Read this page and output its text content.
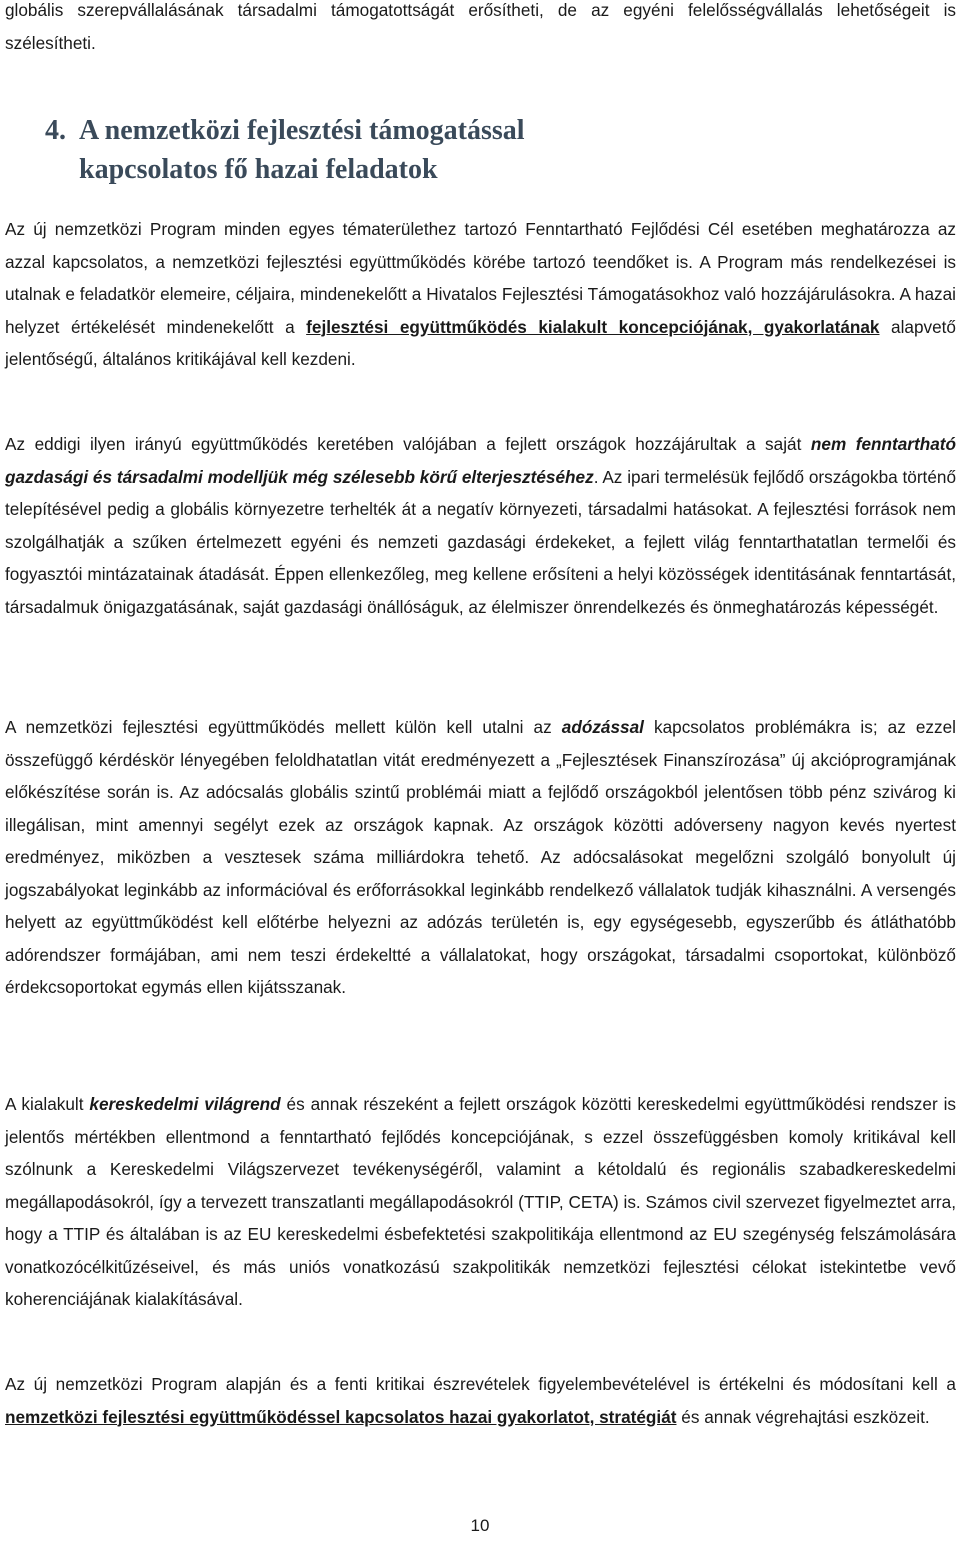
globális szerepvállalásának társadalmi támogatottságát erősítheti, de az egyéni felelősségvállalás lehetőségeit is szélesítheti.

4. A nemzetközi fejlesztési támogatással
kapcsolatos fő hazai feladatok

Az új nemzetközi Program minden egyes tématerülethez tartozó Fenntartható Fejlődési Cél esetében meghatározza az azzal kapcsolatos, a nemzetközi fejlesztési együttműködés körébe tartozó teendőket is. A Program más rendelkezései is utalnak e feladatkör elemeire, céljaira, mindenekelőtt a Hivatalos Fejlesztési Támogatásokhoz való hozzájárulásokra. A hazai helyzet értékelését mindenekelőtt a fejlesztési együttműködés kialakult koncepciójának, gyakorlatának alapvető jelentőségű, általános kritikájával kell kezdeni.

Az eddigi ilyen irányú együttműködés keretében valójában a fejlett országok hozzájárultak a saját nem fenntartható gazdasági és társadalmi modelljük még szélesebb körű elterjesztéséhez. Az ipari termelésük fejlődő országokba történő telepítésével pedig a globális környezetre terhelték át a negatív környezeti, társadalmi hatásokat. A fejlesztési források nem szolgálhatják a szűken értelmezett egyéni és nemzeti gazdasági érdekeket, a fejlett világ fenntarthatatlan termelői és fogyasztói mintázatainak átadását. Éppen ellenkezőleg, meg kellene erősíteni a helyi közösségek identitásának fenntartását, társadalmuk önigazgatásának, saját gazdasági önállóságuk, az élelmiszer önrendelkezés és önmeghatározás képességét.

A nemzetközi fejlesztési együttműködés mellett külön kell utalni az adózással kapcsolatos problémákra is; az ezzel összefüggő kérdéskör lényegében feloldhatatlan vitát eredményezett a „Fejlesztések Finanszírozása” új akcióprogramjának előkészítése során is. Az adócsalás globális szintű problémái miatt a fejlődő országokból jelentősen több pénz szivárog ki illegálisan, mint amennyi segélyt ezek az országok kapnak. Az országok közötti adóverseny nagyon kevés nyertest eredményez, miközben a vesztesek száma milliárdokra tehető. Az adócsalásokat megelőzni szolgáló bonyolult új jogszabályokat leginkább az információval és erőforrásokkal leginkább rendelkező vállalatok tudják kihasználni. A versengés helyett az együttműködést kell előtérbe helyezni az adózás területén is, egy egységesebb, egyszerűbb és átláthatóbb adórendszer formájában, ami nem teszi érdekeltté a vállalatokat, hogy országokat, társadalmi csoportokat, különböző érdekcsoportokat egymás ellen kijátsszanak.

A kialakult kereskedelmi világrend és annak részeként a fejlett országok közötti kereskedelmi együttműködési rendszer is jelentős mértékben ellentmond a fenntartható fejlődés koncepciójának, s ezzel összefüggésben komoly kritikával kell szólnunk a Kereskedelmi Világszervezet tevékenységéről, valamint a kétoldalú és regionális szabadkereskedelmi megállapodásokról, így a tervezett transzatlanti megállapodásokról (TTIP, CETA) is. Számos civil szervezet figyelmeztet arra, hogy a TTIP és általában is az EU kereskedelmi ésbefektetési szakpolitikája ellentmond az EU szegénység felszámolására vonatkozócélkitűzéseivel, és más uniós vonatkozású szakpolitikák nemzetközi fejlesztési célokat istekintetbe vevő koherenciájának kialakításával.

Az új nemzetközi Program alapján és a fenti kritikai észrevételek figyelembevételével is értékelni és módosítani kell a nemzetközi fejlesztési együttműködéssel kapcsolatos hazai gyakorlatot, stratégiát és annak végrehajtási eszközeit.

10
